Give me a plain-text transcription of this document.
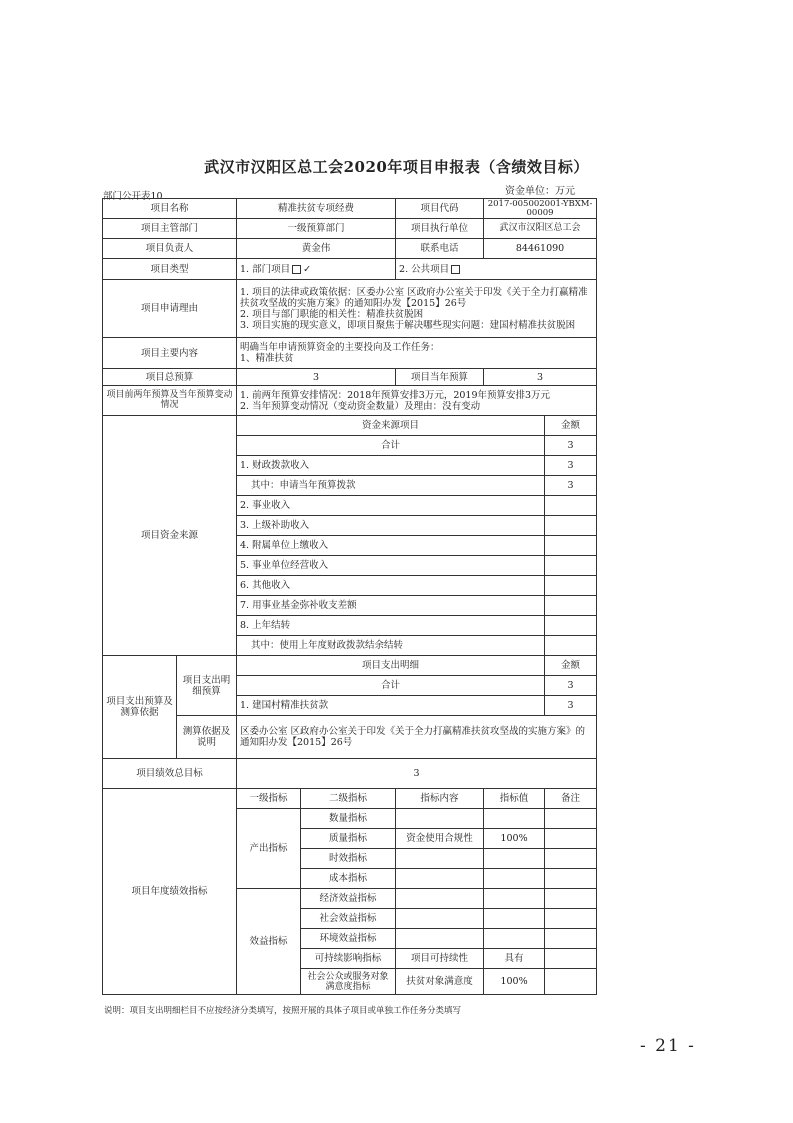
武汉市汉阳区总工会2020年项目申报表（含绩效目标）
部门公开表10	资金单位：万元
项目名称		精准扶贫专项经费		项目代码	2017-005002001-YBXM-00009	
项目主管部门		一级预算部门		项目执行单位	武汉市汉阳区总工会	
项目负责人		黄金伟		联系电话	84461090	
项目类型		1. 部门项目 ✓		2. 公共项目		
项目申请理由		1. 项目的法律或政策依据：区委办公室 区政府办公室关于印发《关于全力打赢精准扶贫攻坚战的实施方案》的通知阳办发【2015】26号
2. 项目与部门职能的相关性：精准扶贫脱困
3. 项目实施的现实意义，即项目聚焦于解决哪些现实问题：建国村精准扶贫脱困				

项目主要内容		明确当年申请预算资金的主要投向及工作任务：
1、精准扶贫				

项目总预算		3		项目当年预算	3	
项目前两年预算及当年预算变动情况		1. 前两年预算安排情况：2018年预算安排3万元，2019年预算安排3万元
2. 当年预算变动情况（变动资金数量）及理由：没有变动				

项目资金来源		资金来源项目				金额
		合计				3
		1. 财政拨款收入				3
		其中：申请当年预算拨款				3
		2. 事业收入				
		3. 上级补助收入				
		4. 附属单位上缴收入				
		5. 事业单位经营收入				
		6. 其他收入				
		7. 用事业基金弥补收支差额				
		8. 上年结转				
		其中：使用上年度财政拨款结余结转				
项目支出预算及测算依据	项目支出明细预算	项目支出明细				金额
		合计				3
		1. 建国村精准扶贫款				3
	测算依据及说明	区委办公室 区政府办公室关于印发《关于全力打赢精准扶贫攻坚战的实施方案》的通知阳办发【2015】26号				
项目绩效总目标		3				
项目年度绩效指标		一级指标	二级指标	指标内容	指标值	备注
		产出指标	数量指标			
			质量指标	资金使用合规性	100%	
			时效指标			
			成本指标			
		效益指标	经济效益指标			
			社会效益指标			
			环境效益指标			
			可持续影响指标	项目可持续性	具有	
			社会公众或服务对象满意度指标	扶贫对象满意度	100%	
说明：项目支出明细栏目不应按经济分类填写，按照开展的具体子项目或单独工作任务分类填写
- 21 -
